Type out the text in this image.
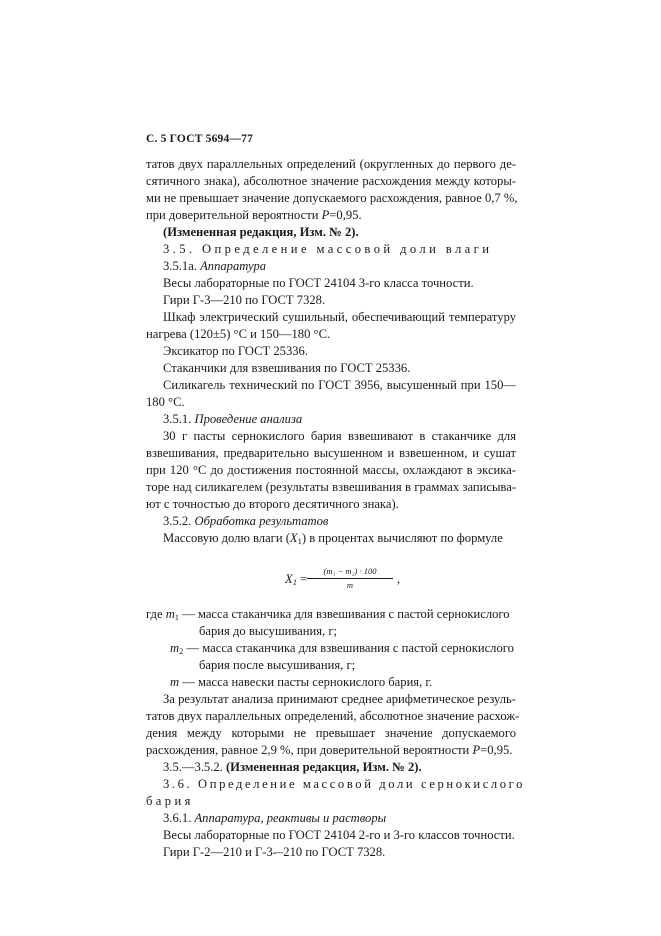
С. 5 ГОСТ 5694—77
татов двух параллельных определений (округленных до первого де-
сятичного знака), абсолютное значение расхождения между которы-
ми не превышает значение допускаемого расхождения, равное 0,7 %,
при доверительной вероятности Р=0,95.
(Измененная редакция, Изм. № 2).
3.5. Определение массовой доли влаги
3.5.1а. Аппаратура
Весы лабораторные по ГОСТ 24104 3-го класса точности.
Гири Г-3—210 по ГОСТ 7328.
Шкаф электрический сушильный, обеспечивающий температуру
нагрева (120±5) °С и 150—180 °С.
Эксикатор по ГОСТ 25336.
Стаканчики для взвешивания по ГОСТ 25336.
Силикагель технический по ГОСТ 3956, высушенный при 150—
180 °С.
3.5.1. Проведение анализа
30 г пасты сернокислого бария взвешивают в стаканчике для
взвешивания, предварительно высушенном и взвешенном, и сушат
при 120 °С до достижения постоянной массы, охлаждают в эксика-
торе над силикагелем (результаты взвешивания в граммах записыва-
ют с точностью до второго десятичного знака).
3.5.2. Обработка результатов
Массовую долю влаги $(X_1)$ в процентах вычисляют по формуле
$X_1 = \frac{\text{(m₁ − m₂) · 100}}{m}$ ,
где $m_1$ — масса стаканчика для взвешивания с пастой сернокислого
бария до высушивания, г;
$m_2$ — масса стаканчика для взвешивания с пастой сернокислого
бария после высушивания, г;
m — масса навески пасты сернокислого бария, г.
За результат анализа принимают среднее арифметическое резуль-
татов двух параллельных определений, абсолютное значение расхож-
дения между которыми не превышает значение допускаемого
расхождения, равное 2,9 %, при доверительной вероятности Р=0,95.
3.5.—3.5.2. (Измененная редакция, Изм. № 2).
3.6. Определение массовой доли сернокислого
бария
3.6.1. Аппаратура, реактивы и растворы
Весы лабораторные по ГОСТ 24104 2-го и 3-го классов точности.
Гири Г-2—210 и Г-3-–210 по ГОСТ 7328.
